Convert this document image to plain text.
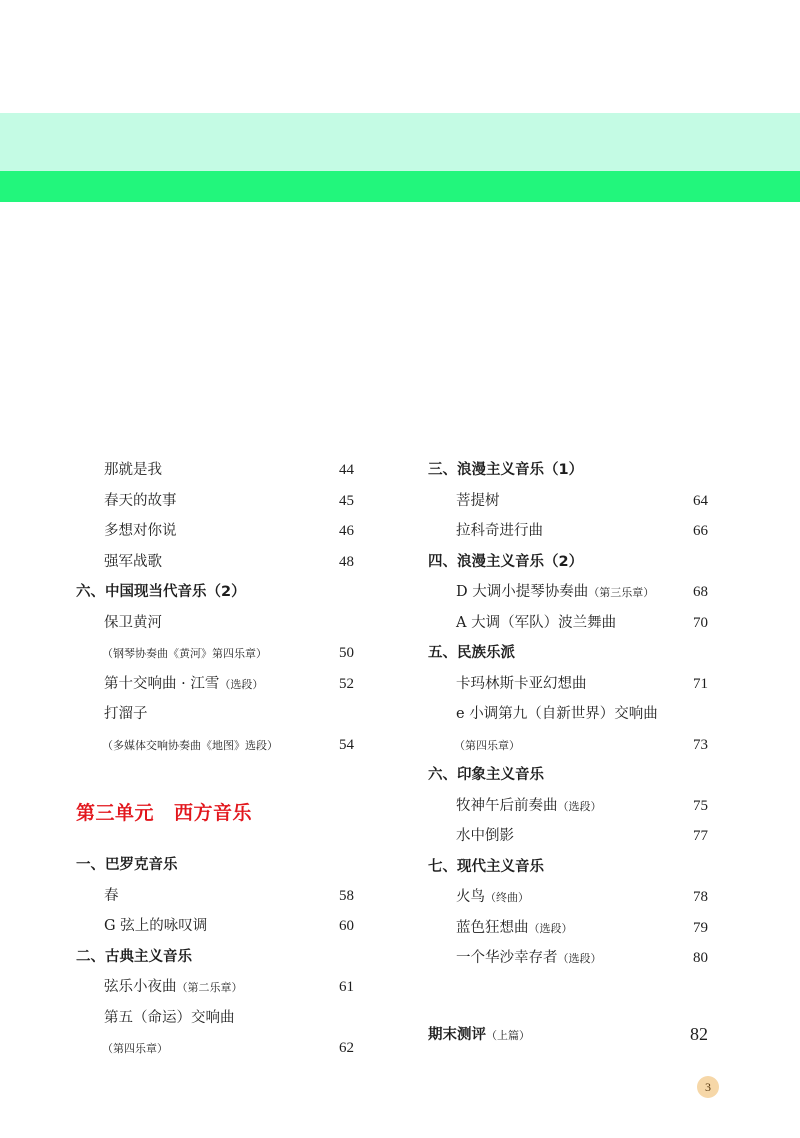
那就是我	44
春天的故事	45
多想对你说	46
强军战歌	48
六、中国现当代音乐（2）
保卫黄河
（钢琴协奏曲《黄河》第四乐章）	50
第十交响曲 · 江雪（选段）	52
打溜子
（多媒体交响协奏曲《地图》选段）	54
第三单元 西方音乐
一、巴罗克音乐
春	58
G 弦上的咏叹调	60
二、古典主义音乐
弦乐小夜曲（第二乐章）	61
第五（命运）交响曲
（第四乐章）	62
三、浪漫主义音乐（1）
菩提树	64
拉科奇进行曲	66
四、浪漫主义音乐（2）
D 大调小提琴协奏曲（第三乐章）	68
A 大调（军队）波兰舞曲	70
五、民族乐派
卡玛林斯卡亚幻想曲	71
e 小调第九（自新世界）交响曲
（第四乐章）	73
六、印象主义音乐
牧神午后前奏曲（选段）	75
水中倒影	77
七、现代主义音乐
火鸟（终曲）	78
蓝色狂想曲（选段）	79
一个华沙幸存者（选段）	80
期末测评（上篇）	82
3
